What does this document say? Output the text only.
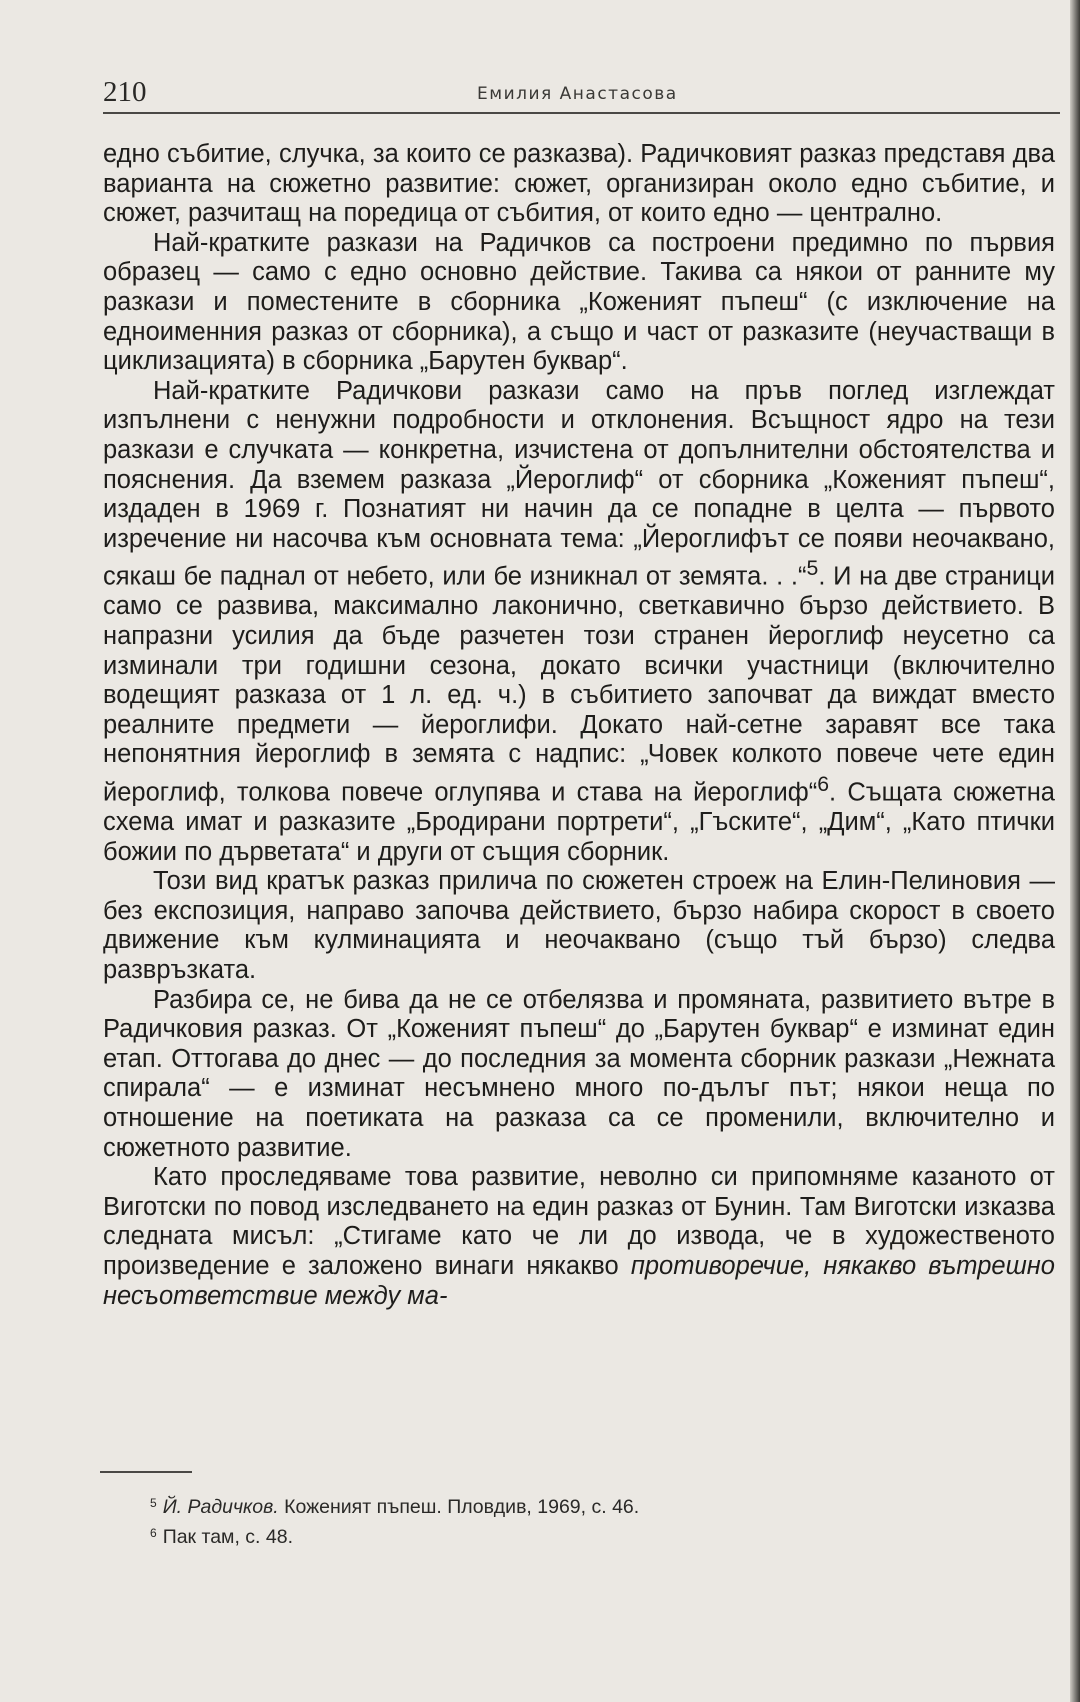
210	Емилия Анастасова

едно събитие, случка, за които се разказва). Радичковият разказ представя два варианта на сюжетно развитие: сюжет, организиран около едно събитие, и сюжет, разчитащ на поредица от събития, от които едно — централно.

Най-кратките разкази на Радичков са построени предимно по първия образец — само с едно основно действие. Такива са някои от ранните му разкази и поместените в сборника „Коженият пъпеш“ (с изключение на едноименния разказ от сборника), а също и част от разказите (неучастващи в циклизацията) в сборника „Барутен буквар“.

Най-кратките Радичкови разкази само на пръв поглед изглеждат изпълнени с ненужни подробности и отклонения. Всъщност ядро на тези разкази е случката — конкретна, изчистена от допълнителни обстоятелства и пояснения. Да вземем разказа „Йероглиф“ от сборника „Коженият пъпеш“, издаден в 1969 г. Познатият ни начин да се попадне в целта — първото изречение ни насочва към основната тема: „Йероглифът се появи неочаквано, сякаш бе паднал от небето, или бе изникнал от земята. . .“$^5$. И на две страници само се развива, максимално лаконично, светкавично бързо действието. В напразни усилия да бъде разчетен този странен йероглиф неусетно са изминали три годишни сезона, докато всички участници (включително водещият разказа от 1 л. ед. ч.) в събитието започват да виждат вместо реалните предмети — йероглифи. Докато най-сетне заравят все така непонятния йероглиф в земята с надпис: „Човек колкото повече чете един йероглиф, толкова повече оглупява и става на йероглиф“$^6$. Същата сюжетна схема имат и разказите „Бродирани портрети“, „Гъските“, „Дим“, „Като птички божии по дърветата“ и други от същия сборник.

Този вид кратък разказ прилича по сюжетен строеж на Елин-Пелиновия — без експозиция, направо започва действието, бързо набира скорост в своето движение към кулминацията и неочаквано (също тъй бързо) следва развръзката.

Разбира се, не бива да не се отбелязва и промяната, развитието вътре в Радичковия разказ. От „Коженият пъпеш“ до „Барутен буквар“ е изминат един етап. Оттогава до днес — до последния за момента сборник разкази „Нежната спирала“ — е изминат несъмнено много по-дълъг път; някои неща по отношение на поетиката на разказа са се променили, включително и сюжетното развитие.

Като проследяваме това развитие, неволно си припомняме казаното от Виготски по повод изследването на един разказ от Бунин. Там Виготски изказва следната мисъл: „Стигаме като че ли до извода, че в художественото произведение е заложено винаги някакво противоречие, някакво вътрешно несъответствие между ма-

$^5$ Й. Радичков. Коженият пъпеш. Пловдив, 1969, с. 46.

$^6$ Пак там, с. 48.
